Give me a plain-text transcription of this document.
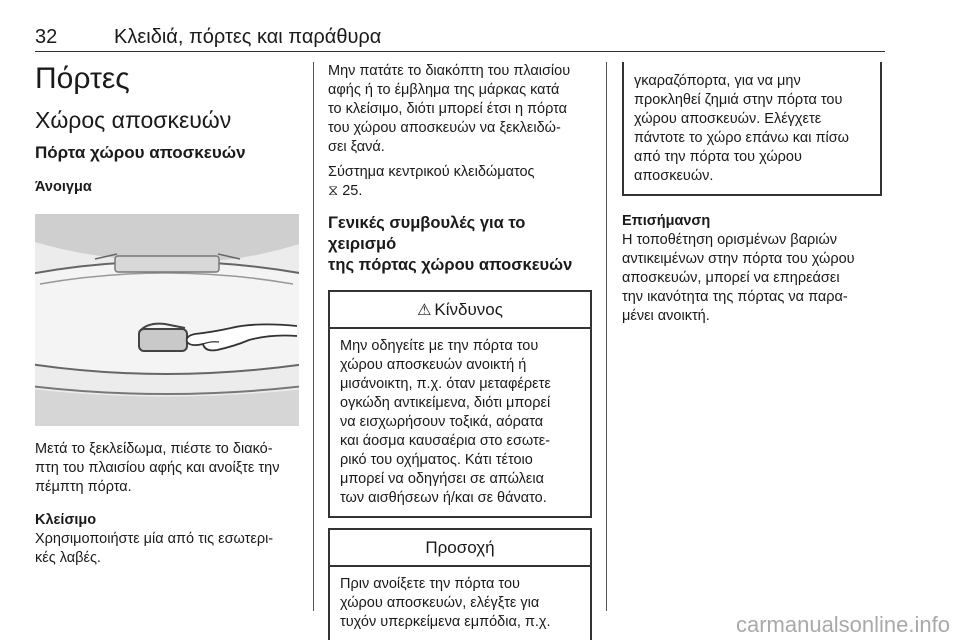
32	Κλειδιά, πόρτες και παράθυρα
Πόρτες
Χώρος αποσκευών
Πόρτα χώρου αποσκευών
Άνοιγμα

Μετά το ξεκλείδωμα, πιέστε το διακό-

πτη του πλαισίου αφής και ανοίξτε την

πέμπτη πόρτα.

Κλείσιμο

Χρησιμοποιήστε μία από τις εσωτερι-

κές λαβές.

Μην πατάτε το διακόπτη του πλαισίου

αφής ή το έμβλημα της μάρκας κατά

το κλείσιμο, διότι μπορεί έτσι η πόρτα

του χώρου αποσκευών να ξεκλειδώ-

σει ξανά.

Σύστημα κεντρικού κλειδώματος

⧖ 25.

Γενικές συμβουλές για το χειρισμό
της πόρτας χώρου αποσκευών
⚠ Κίνδυνος

Μην οδηγείτε με την πόρτα του

χώρου αποσκευών ανοικτή ή

μισάνοικτη, π.χ. όταν μεταφέρετε

ογκώδη αντικείμενα, διότι μπορεί

να εισχωρήσουν τοξικά, αόρατα

και άοσμα καυσαέρια στο εσωτε-

ρικό του οχήματος. Κάτι τέτοιο

μπορεί να οδηγήσει σε απώλεια

των αισθήσεων ή/και σε θάνατο.

Προσοχή

Πριν ανοίξετε την πόρτα του

χώρου αποσκευών, ελέγξτε για

τυχόν υπερκείμενα εμπόδια, π.χ.

γκαραζόπορτα, για να μην

προκληθεί ζημιά στην πόρτα του

χώρου αποσκευών. Ελέγχετε

πάντοτε το χώρο επάνω και πίσω

από την πόρτα του χώρου

αποσκευών.

Επισήμανση

Η τοποθέτηση ορισμένων βαριών

αντικειμένων στην πόρτα του χώρου

αποσκευών, μπορεί να επηρεάσει

την ικανότητα της πόρτας να παρα-

μένει ανοικτή.

carmanualsonline.info
